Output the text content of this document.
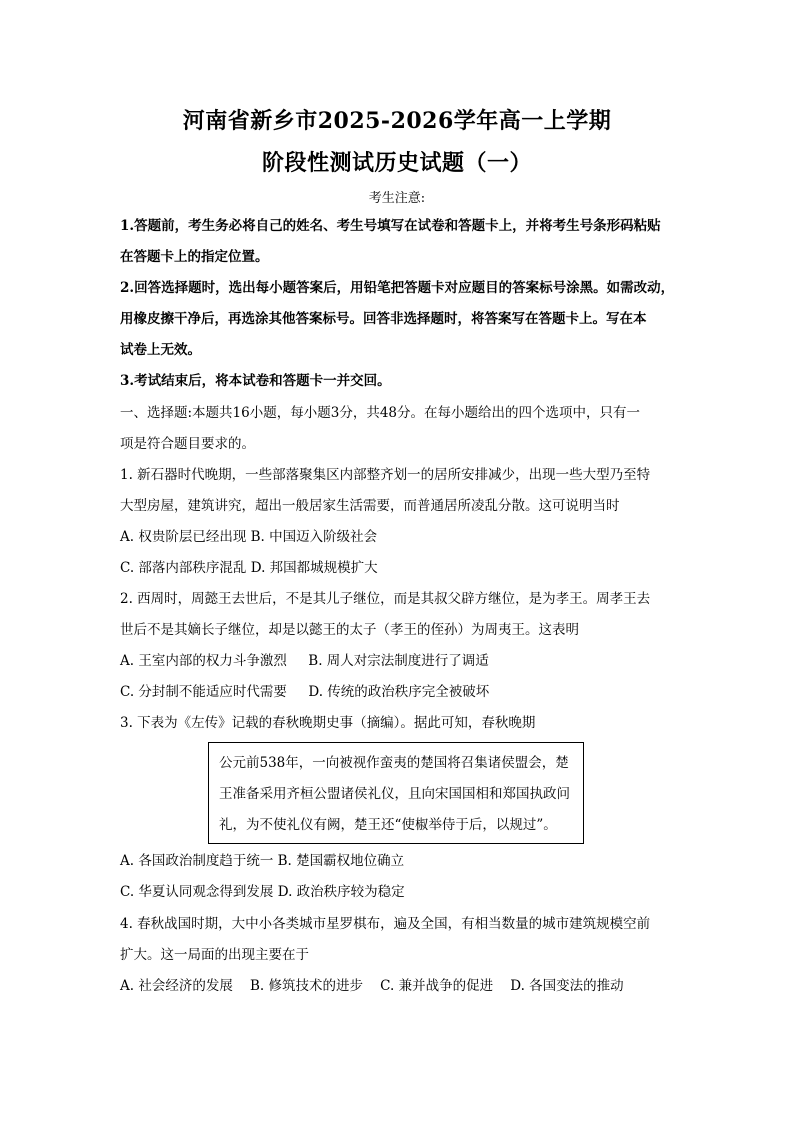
河南省新乡市2025-2026学年高一上学期
阶段性测试历史试题（一）
考生注意:
1.答题前，考生务必将自己的姓名、考生号填写在试卷和答题卡上，并将考生号条形码粘贴
在答题卡上的指定位置。
2.回答选择题时，选出每小题答案后，用铅笔把答题卡对应题目的答案标号涂黑。如需改动，
用橡皮擦干净后，再选涂其他答案标号。回答非选择题时，将答案写在答题卡上。写在本
试卷上无效。
3.考试结束后，将本试卷和答题卡一并交回。
一、选择题:本题共16小题，每小题3分，共48分。在每小题给出的四个选项中，只有一
项是符合题目要求的。
1. 新石器时代晚期，一些部落聚集区内部整齐划一的居所安排减少，出现一些大型乃至特
大型房屋，建筑讲究，超出一般居家生活需要，而普通居所凌乱分散。这可说明当时
A. 权贵阶层已经出现 B. 中国迈入阶级社会
C. 部落内部秩序混乱 D. 邦国都城规模扩大
2. 西周时，周懿王去世后，不是其儿子继位，而是其叔父辟方继位，是为孝王。周孝王去
世后不是其嫡长子继位，却是以懿王的太子（孝王的侄孙）为周夷王。这表明
A. 王室内部的权力斗争激烈     B. 周人对宗法制度进行了调适
C. 分封制不能适应时代需要     D. 传统的政治秩序完全被破坏
3. 下表为《左传》记载的春秋晚期史事（摘编）。据此可知，春秋晚期
公元前538年，一向被视作蛮夷的楚国将召集诸侯盟会，楚
王准备采用齐桓公盟诸侯礼仪，且向宋国国相和郑国执政问
礼，为不使礼仪有阙，楚王还“使椒举侍于后，以规过”。
A. 各国政治制度趋于统一 B. 楚国霸权地位确立
C. 华夏认同观念得到发展 D. 政治秩序较为稳定
4. 春秋战国时期，大中小各类城市星罗棋布，遍及全国，有相当数量的城市建筑规模空前
扩大。这一局面的出现主要在于
A. 社会经济的发展    B. 修筑技术的进步    C. 兼并战争的促进    D. 各国变法的推动
